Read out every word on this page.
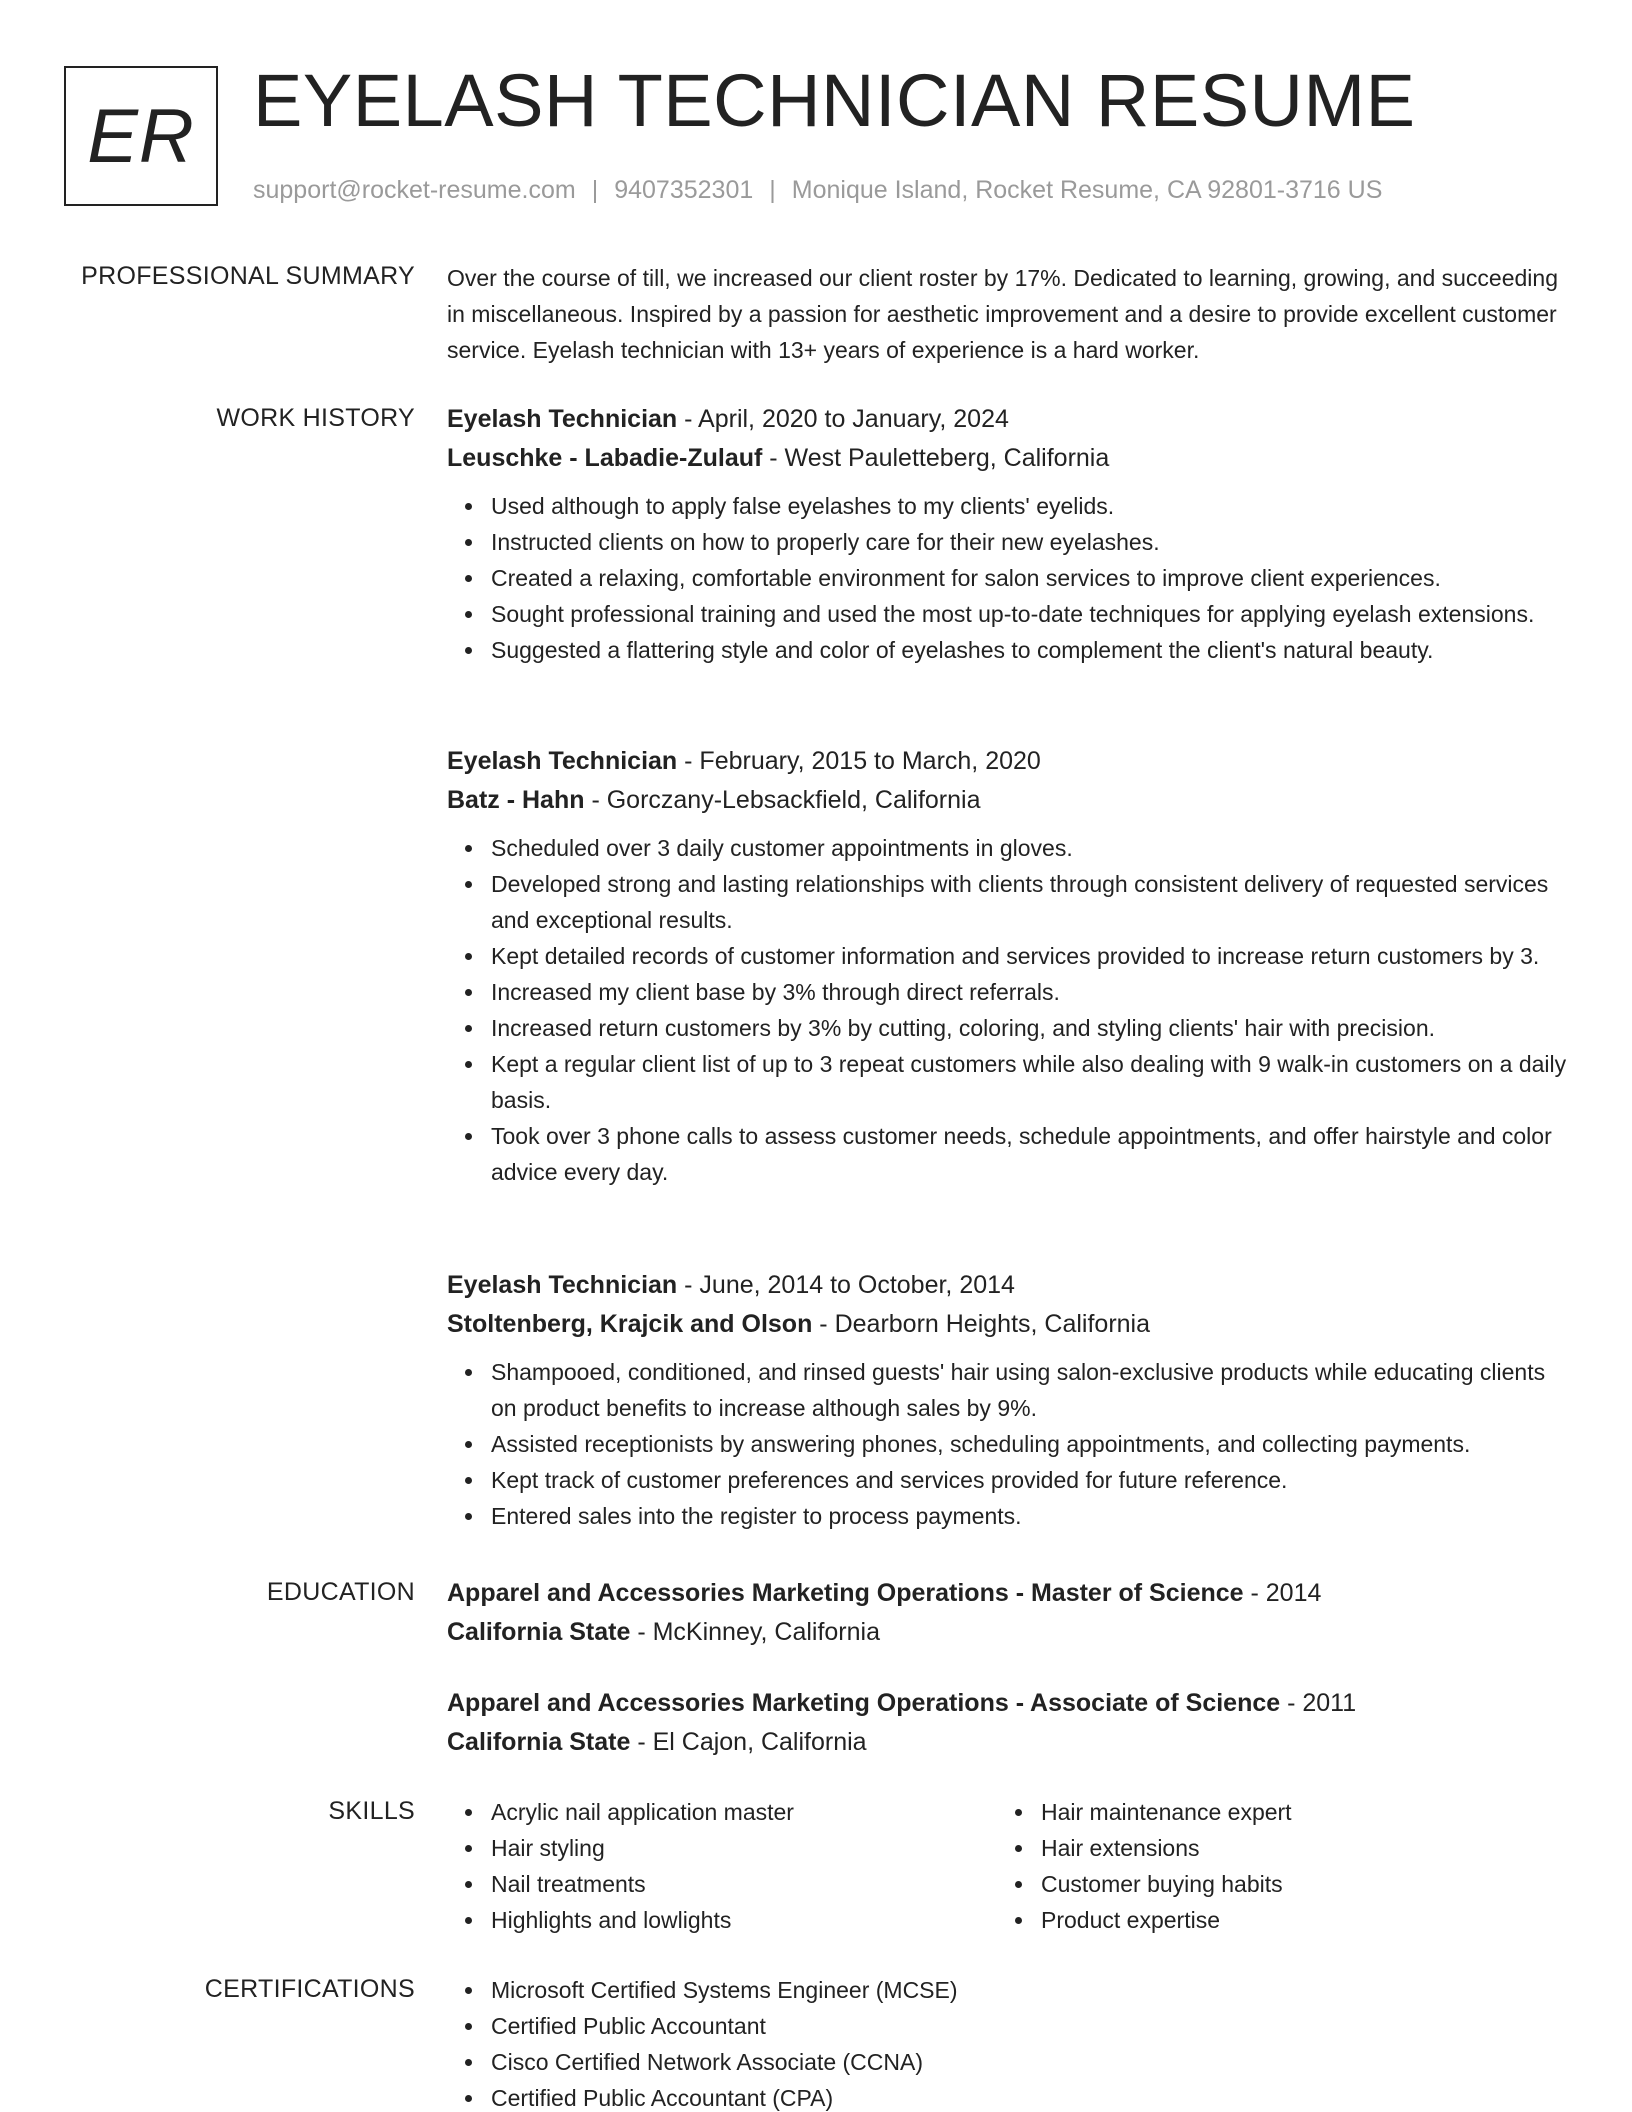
ER EYELASH TECHNICIAN RESUME
support@rocket-resume.com | 9407352301 | Monique Island, Rocket Resume, CA 92801-3716 US
PROFESSIONAL SUMMARY Over the course of till, we increased our client roster by 17%. Dedicated to learning, growing, and succeeding in miscellaneous. Inspired by a passion for aesthetic improvement and a desire to provide excellent customer service. Eyelash technician with 13+ years of experience is a hard worker.

WORK HISTORY Eyelash Technician - April, 2020 to January, 2024

Leuschke - Labadie-Zulauf - West Pauletteberg, California

Used although to apply false eyelashes to my clients' eyelids.
Instructed clients on how to properly care for their new eyelashes.
Created a relaxing, comfortable environment for salon services to improve client experiences.
Sought professional training and used the most up-to-date techniques for applying eyelash extensions.
Suggested a flattering style and color of eyelashes to complement the client's natural beauty.

Eyelash Technician - February, 2015 to March, 2020

Batz - Hahn - Gorczany-Lebsackfield, California

Scheduled over 3 daily customer appointments in gloves.
Developed strong and lasting relationships with clients through consistent delivery of requested services and exceptional results.
Kept detailed records of customer information and services provided to increase return customers by 3.
Increased my client base by 3% through direct referrals.
Increased return customers by 3% by cutting, coloring, and styling clients' hair with precision.
Kept a regular client list of up to 3 repeat customers while also dealing with 9 walk-in customers on a daily basis.
Took over 3 phone calls to assess customer needs, schedule appointments, and offer hairstyle and color advice every day.

Eyelash Technician - June, 2014 to October, 2014

Stoltenberg, Krajcik and Olson - Dearborn Heights, California

Shampooed, conditioned, and rinsed guests' hair using salon-exclusive products while educating clients on product benefits to increase although sales by 9%.
Assisted receptionists by answering phones, scheduling appointments, and collecting payments.
Kept track of customer preferences and services provided for future reference.
Entered sales into the register to process payments.
EDUCATION Apparel and Accessories Marketing Operations - Master of Science - 2014

California State - McKinney, California

Apparel and Accessories Marketing Operations - Associate of Science - 2011

California State - El Cajon, California

SKILLS	Acrylic nail application master
Hair styling
Nail treatments
Highlights and lowlights
Hair maintenance expert
Hair extensions
Customer buying habits
Product expertise
CERTIFICATIONS	Microsoft Certified Systems Engineer (MCSE)
Certified Public Accountant
Cisco Certified Network Associate (CCNA)
Certified Public Accountant (CPA)
